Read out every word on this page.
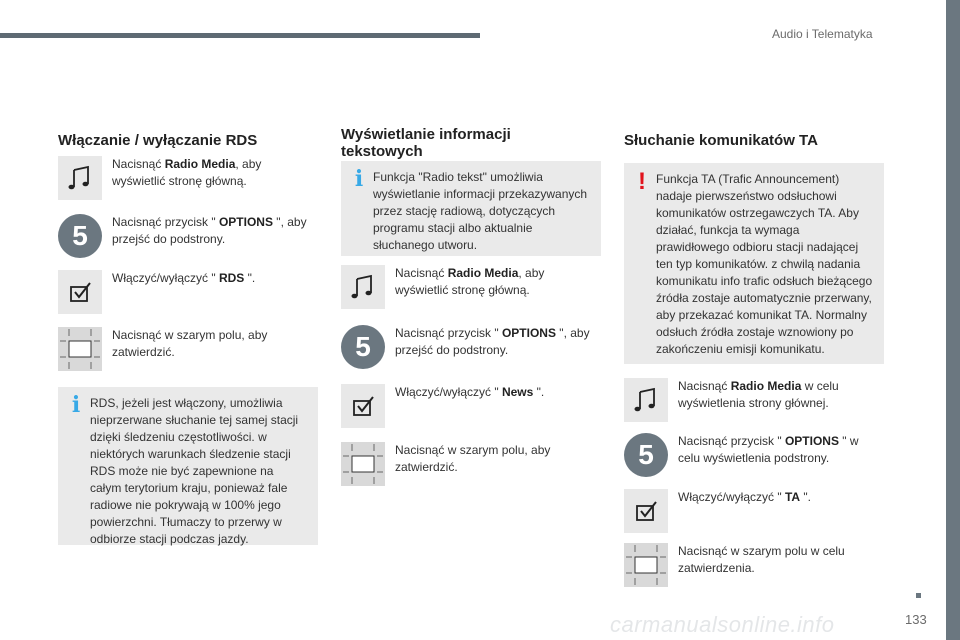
Audio i Telematyka
133
carmanualsonline.info
Włączanie / wyłączanie RDS
Nacisnąć Radio Media, aby wyświetlić stronę główną.
5	Nacisnąć przycisk " OPTIONS ", aby przejść do podstrony.
Włączyć/wyłączyć " RDS ".
Nacisnąć w szarym polu, aby zatwierdzić.
i RDS, jeżeli jest włączony, umożliwia nieprzerwane słuchanie tej samej stacji dzięki śledzeniu częstotliwości. w niektórych warunkach śledzenie stacji RDS może nie być zapewnione na całym terytorium kraju, ponieważ fale radiowe nie pokrywają w 100% jego powierzchni. Tłumaczy to przerwy w odbiorze stacji podczas jazdy.
Wyświetlanie informacji
tekstowych
i Funkcja "Radio tekst" umożliwia wyświetlanie informacji przekazywanych przez stację radiową, dotyczących programu stacji albo aktualnie słuchanego utworu.
Nacisnąć Radio Media, aby wyświetlić stronę główną.
5	Nacisnąć przycisk " OPTIONS ", aby przejść do podstrony.
Włączyć/wyłączyć " News ".
Nacisnąć w szarym polu, aby zatwierdzić.
Słuchanie komunikatów TA
! Funkcja TA (Trafic Announcement) nadaje pierwszeństwo odsłuchowi komunikatów ostrzegawczych TA. Aby działać, funkcja ta wymaga prawidłowego odbioru stacji nadającej ten typ komunikatów. z chwilą nadania komunikatu info trafic odsłuch bieżącego źródła zostaje automatycznie przerwany, aby przekazać komunikat TA. Normalny odsłuch źródła zostaje wznowiony po zakończeniu emisji komunikatu.
Nacisnąć Radio Media w celu wyświetlenia strony głównej.
5	Nacisnąć przycisk " OPTIONS " w celu wyświetlenia podstrony.
Włączyć/wyłączyć " TA ".
Nacisnąć w szarym polu w celu zatwierdzenia.
